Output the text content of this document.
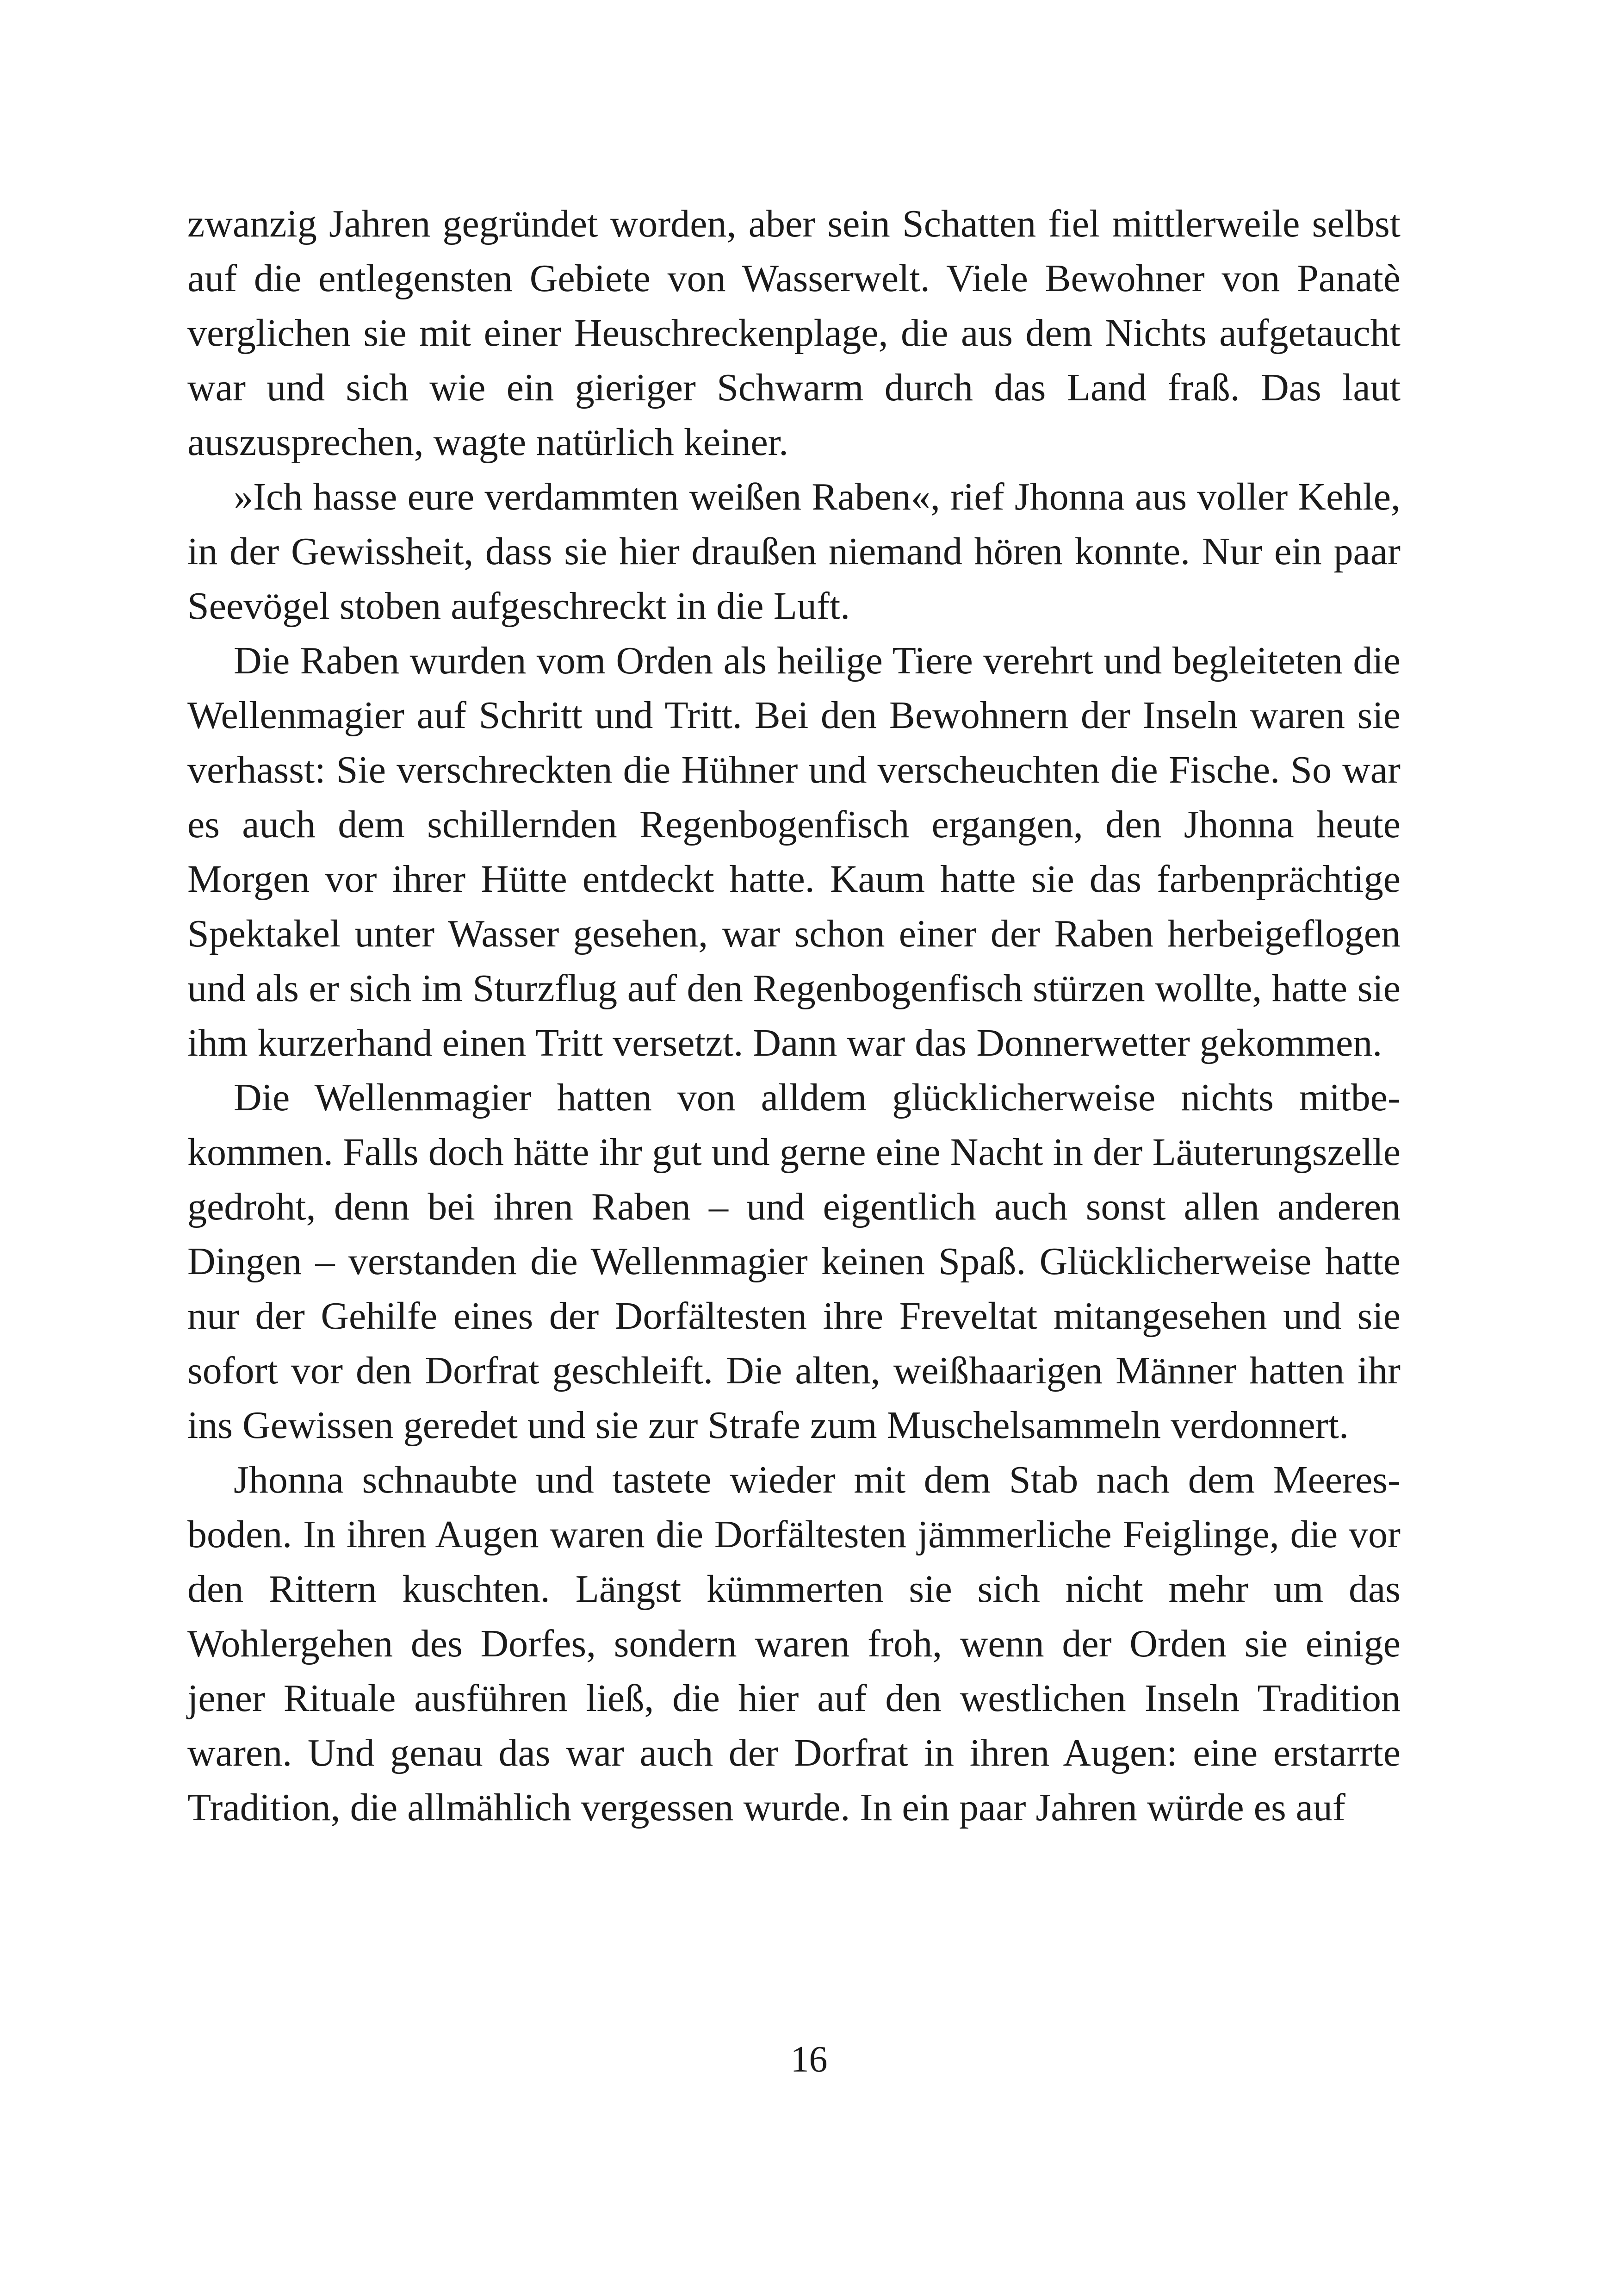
zwanzig Jahren gegründet worden, aber sein Schatten fiel mittlerweile selbst auf die entlegensten Gebiete von Wasserwelt. Viele Bewohner von Panatè verglichen sie mit einer Heuschreckenplage, die aus dem Nichts aufgetaucht war und sich wie ein gieriger Schwarm durch das Land fraß. Das laut auszusprechen, wagte natürlich keiner.

»Ich hasse eure verdammten weißen Raben«, rief Jhonna aus voller Kehle, in der Gewissheit, dass sie hier draußen niemand hören konnte. Nur ein paar Seevögel stoben aufgeschreckt in die Luft.

Die Raben wurden vom Orden als heilige Tiere verehrt und begleiteten die Wellenmagier auf Schritt und Tritt. Bei den Bewohnern der Inseln waren sie verhasst: Sie verschreckten die Hühner und verscheuchten die Fische. So war es auch dem schillernden Regenbogenfisch ergangen, den Jhonna heute Morgen vor ihrer Hütte entdeckt hatte. Kaum hatte sie das farbenprächtige Spektakel unter Wasser gesehen, war schon einer der Raben herbeigeflogen und als er sich im Sturzflug auf den Regenbogenfisch stürzen wollte, hatte sie ihm kurzerhand einen Tritt versetzt. Dann war das Donnerwetter gekommen.

Die Wellenmagier hatten von alldem glücklicherweise nichts mitbekommen. Falls doch hätte ihr gut und gerne eine Nacht in der Läuterungszelle gedroht, denn bei ihren Raben – und eigentlich auch sonst allen anderen Dingen – verstanden die Wellenmagier keinen Spaß. Glücklicherweise hatte nur der Gehilfe eines der Dorfältesten ihre Freveltat mitangesehen und sie sofort vor den Dorfrat geschleift. Die alten, weißhaarigen Männer hatten ihr ins Gewissen geredet und sie zur Strafe zum Muschelsammeln verdonnert.

Jhonna schnaubte und tastete wieder mit dem Stab nach dem Meeresboden. In ihren Augen waren die Dorfältesten jämmerliche Feiglinge, die vor den Rittern kuschten. Längst kümmerten sie sich nicht mehr um das Wohlergehen des Dorfes, sondern waren froh, wenn der Orden sie einige jener Rituale ausführen ließ, die hier auf den westlichen Inseln Tradition waren. Und genau das war auch der Dorfrat in ihren Augen: eine erstarrte Tradition, die allmählich vergessen wurde. In ein paar Jahren würde es auf

16
